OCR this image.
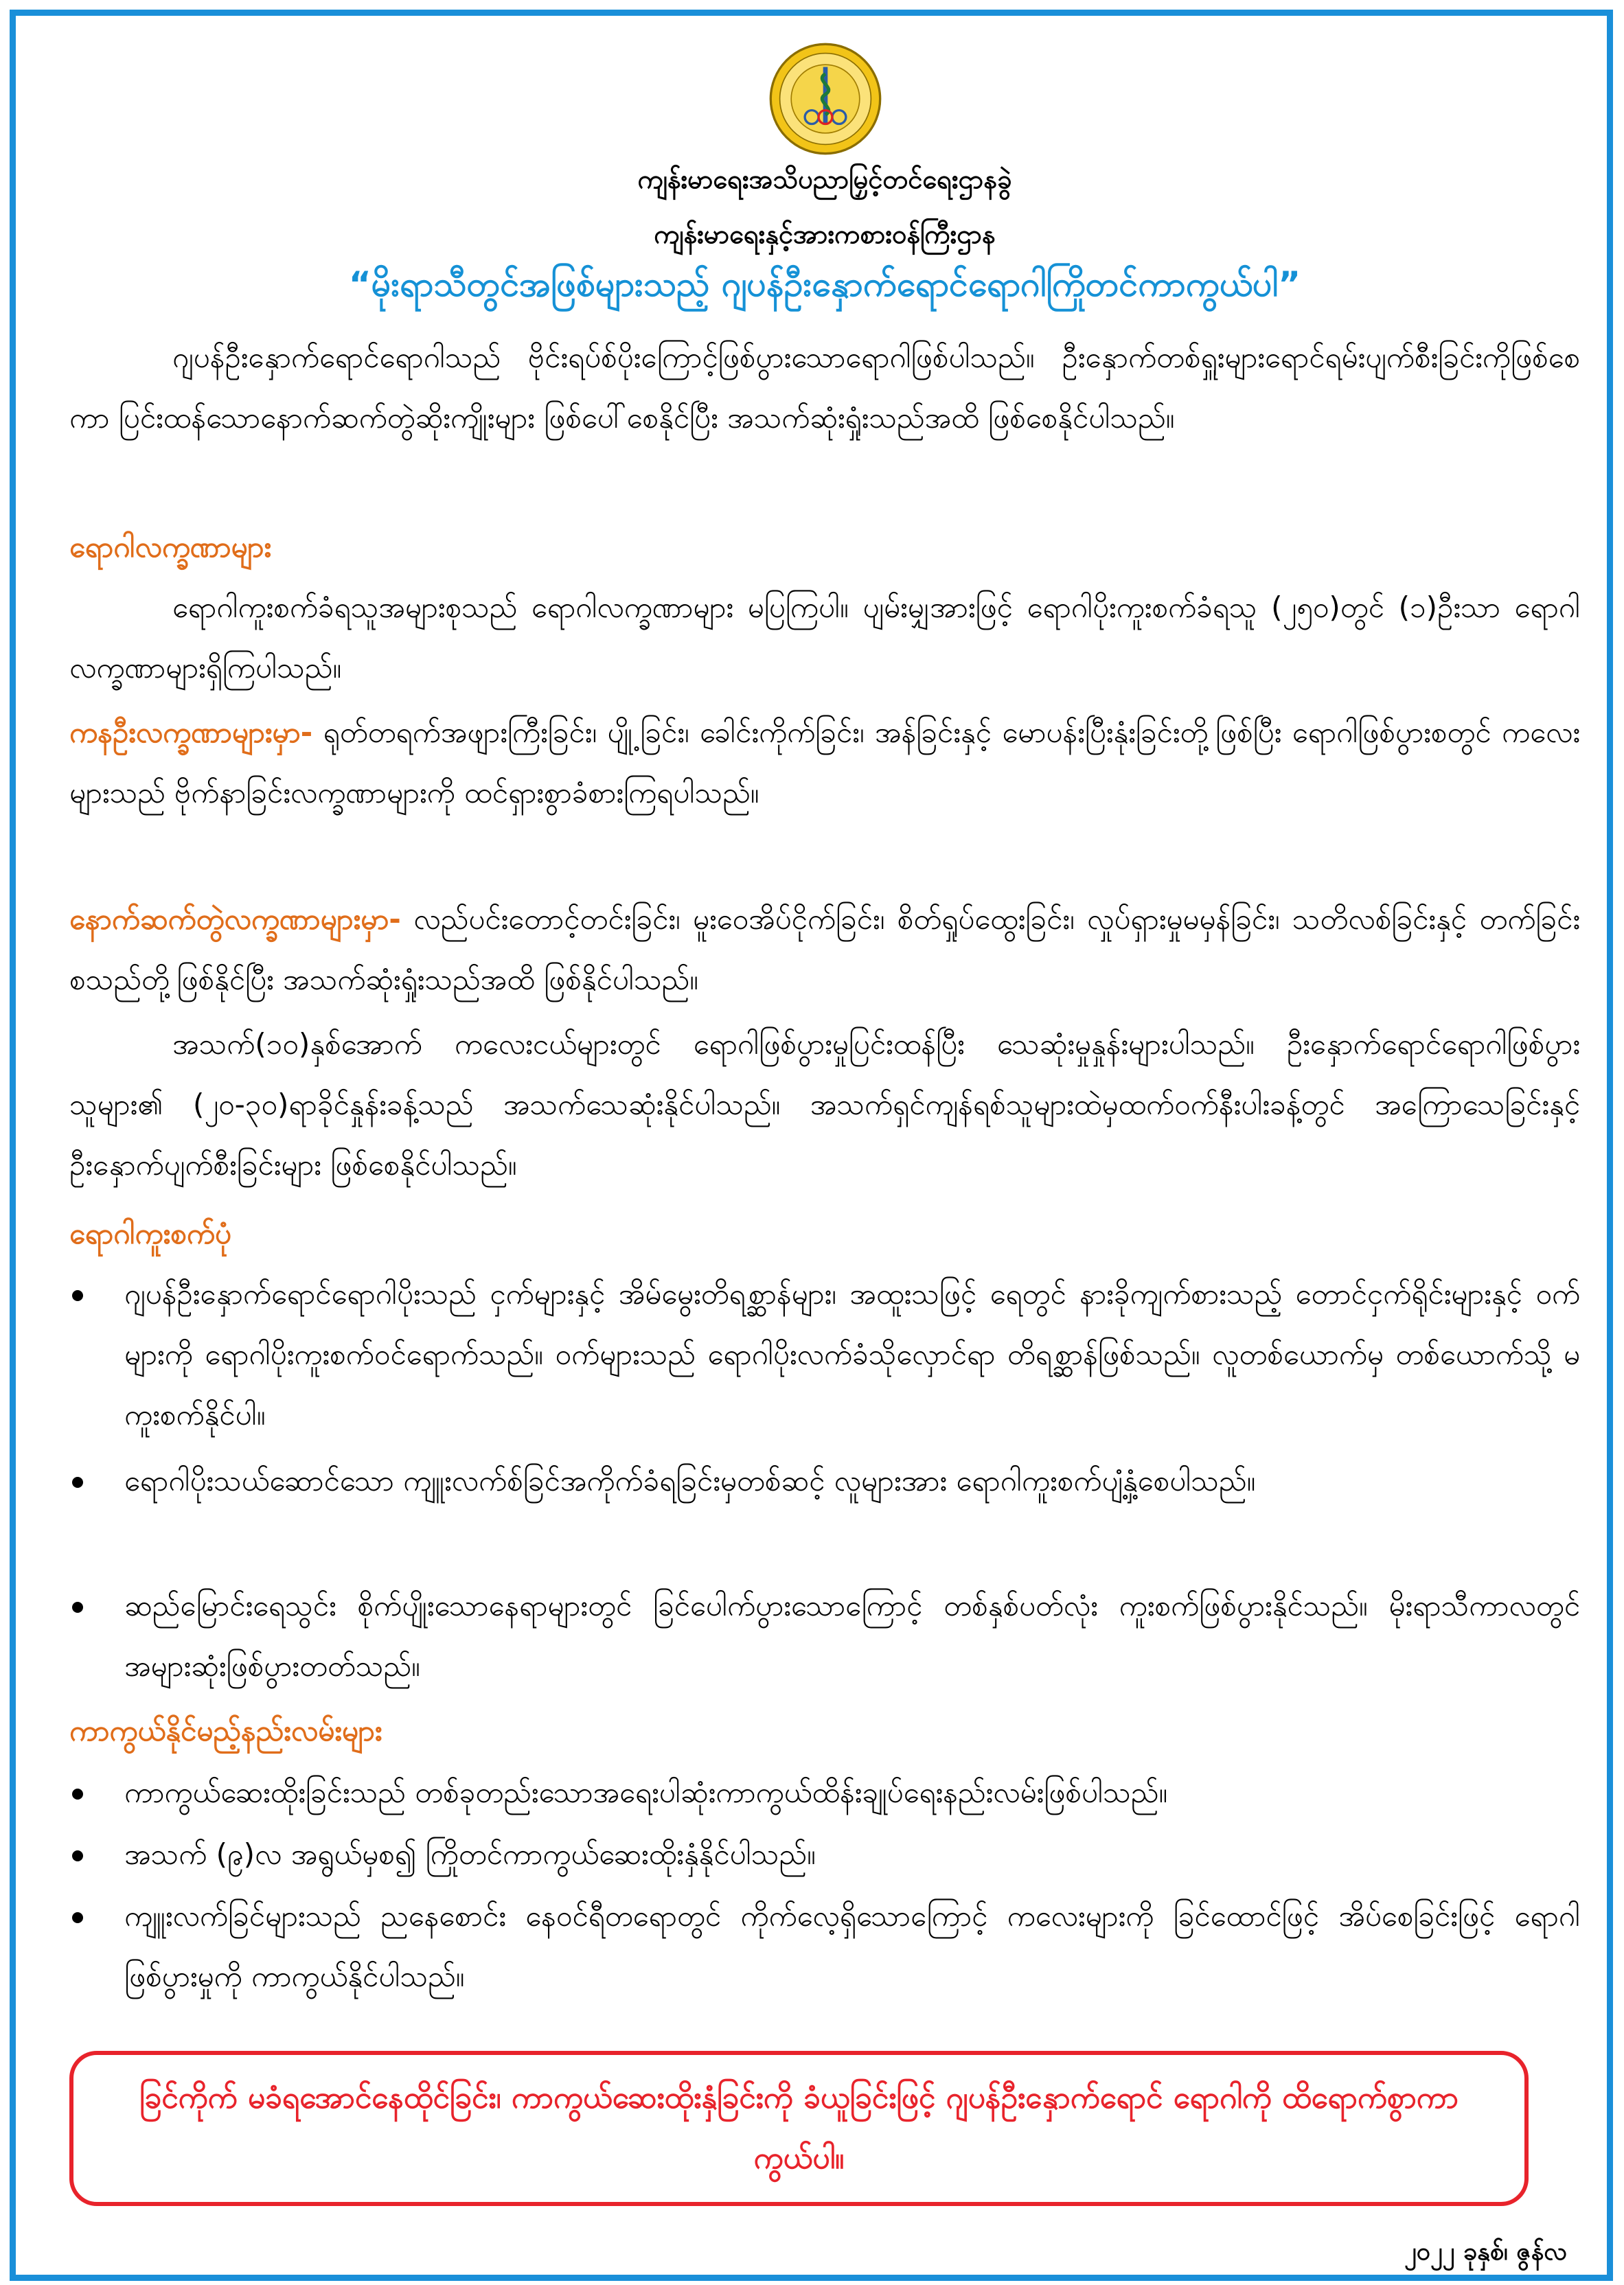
ကျန်းမာရေးအသိပညာမြှင့်တင်ရေးဌာနခွဲ
ကျန်းမာရေးနှင့်အားကစားဝန်ကြီးဌာန
“မိုးရာသီတွင်အဖြစ်များသည့် ဂျပန်ဦးနှောက်ရောင်ရောဂါကြိုတင်ကာကွယ်ပါ”
ဂျပန်ဦးနှောက်ရောင်ရောဂါသည် ဗိုင်းရပ်စ်ပိုးကြောင့်ဖြစ်ပွားသောရောဂါဖြစ်ပါသည်။ ဦးနှောက်တစ်ရှူးများရောင်ရမ်းပျက်စီးခြင်းကိုဖြစ်စေကာ ပြင်းထန်သောနောက်ဆက်တွဲဆိုးကျိုးများ ဖြစ်ပေါ်စေနိုင်ပြီး အသက်ဆုံးရှုံးသည်အထိ ဖြစ်စေနိုင်ပါသည်။
ရောဂါလက္ခဏာများ
ရောဂါကူးစက်ခံရသူအများစုသည် ရောဂါလက္ခဏာများ မပြကြပါ။ ပျမ်းမျှအားဖြင့် ရောဂါပိုးကူးစက်ခံရသူ (၂၅၀)တွင် (၁)ဦးသာ ရောဂါလက္ခဏာများရှိကြပါသည်။
ကနဦးလက္ခဏာများမှာ- ရုတ်တရက်အဖျားကြီးခြင်း၊ ပျို့ခြင်း၊ ခေါင်းကိုက်ခြင်း၊ အန်ခြင်းနှင့် မောပန်းပြီးနုံးခြင်းတို့ဖြစ်ပြီး ရောဂါဖြစ်ပွားစတွင် ကလေးများသည် ဗိုက်နာခြင်းလက္ခဏာများကို ထင်ရှားစွာခံစားကြရပါသည်။
နောက်ဆက်တွဲလက္ခဏာများမှာ- လည်ပင်းတောင့်တင်းခြင်း၊ မူးဝေအိပ်ငိုက်ခြင်း၊ စိတ်ရှုပ်ထွေးခြင်း၊ လှုပ်ရှားမှုမမှန်ခြင်း၊ သတိလစ်ခြင်းနှင့် တက်ခြင်းစသည်တို့ဖြစ်နိုင်ပြီး အသက်ဆုံးရှုံးသည်အထိ ဖြစ်နိုင်ပါသည်။
အသက်(၁၀)နှစ်အောက် ကလေးငယ်များတွင် ရောဂါဖြစ်ပွားမှုပြင်းထန်ပြီး သေဆုံးမှုနှုန်းများပါသည်။ ဦးနှောက်ရောင်ရောဂါဖြစ်ပွားသူများ၏ (၂၀-၃၀)ရာခိုင်နှုန်းခန့်သည် အသက်သေဆုံးနိုင်ပါသည်။ အသက်ရှင်ကျန်ရစ်သူများထဲမှထက်ဝက်နီးပါးခန့်တွင် အကြောသေခြင်းနှင့်ဦးနှောက်ပျက်စီးခြင်းများ ဖြစ်စေနိုင်ပါသည်။
ရောဂါကူးစက်ပုံ
ဂျပန်ဦးနှောက်ရောင်ရောဂါပိုးသည် ငှက်များနှင့် အိမ်မွေးတိရစ္ဆာန်များ၊ အထူးသဖြင့် ရေတွင် နားခိုကျက်စားသည့် တောင်ငှက်ရိုင်းများနှင့် ဝက်များကို ရောဂါပိုးကူးစက်ဝင်ရောက်သည်။ ဝက်များသည် ရောဂါပိုးလက်ခံသိုလှောင်ရာ တိရစ္ဆာန်ဖြစ်သည်။ လူတစ်ယောက်မှ တစ်ယောက်သို့ မကူးစက်နိုင်ပါ။
ရောဂါပိုးသယ်ဆောင်သော ကျူးလက်စ်ခြင်အကိုက်ခံရခြင်းမှတစ်ဆင့် လူများအား ရောဂါကူးစက်ပျံ့နှံ့စေပါသည်။
ဆည်မြောင်းရေသွင်း စိုက်ပျိုးသောနေရာများတွင် ခြင်ပေါက်ပွားသောကြောင့် တစ်နှစ်ပတ်လုံး ကူးစက်ဖြစ်ပွားနိုင်သည်။ မိုးရာသီကာလတွင် အများဆုံးဖြစ်ပွားတတ်သည်။
ကာကွယ်နိုင်မည့်နည်းလမ်းများ
ကာကွယ်ဆေးထိုးခြင်းသည် တစ်ခုတည်းသောအရေးပါဆုံးကာကွယ်ထိန်းချုပ်ရေးနည်းလမ်းဖြစ်ပါသည်။
အသက် (၉)လ အရွယ်မှစ၍ ကြိုတင်ကာကွယ်ဆေးထိုးနှံနိုင်ပါသည်။
ကျူးလက်ခြင်များသည် ညနေစောင်း နေဝင်ရီတရောတွင် ကိုက်လေ့ရှိသောကြောင့် ကလေးများကို ခြင်ထောင်ဖြင့် အိပ်စေခြင်းဖြင့် ရောဂါဖြစ်ပွားမှုကို ကာကွယ်နိုင်ပါသည်။
ခြင်ကိုက် မခံရအောင်နေထိုင်ခြင်း၊ ကာကွယ်ဆေးထိုးနှံခြင်းကို ခံယူခြင်းဖြင့် ဂျပန်ဦးနှောက်ရောင် ရောဂါကို ထိရောက်စွာကာကွယ်ပါ။
၂၀၂၂ ခုနှစ်၊ ဇွန်လ
